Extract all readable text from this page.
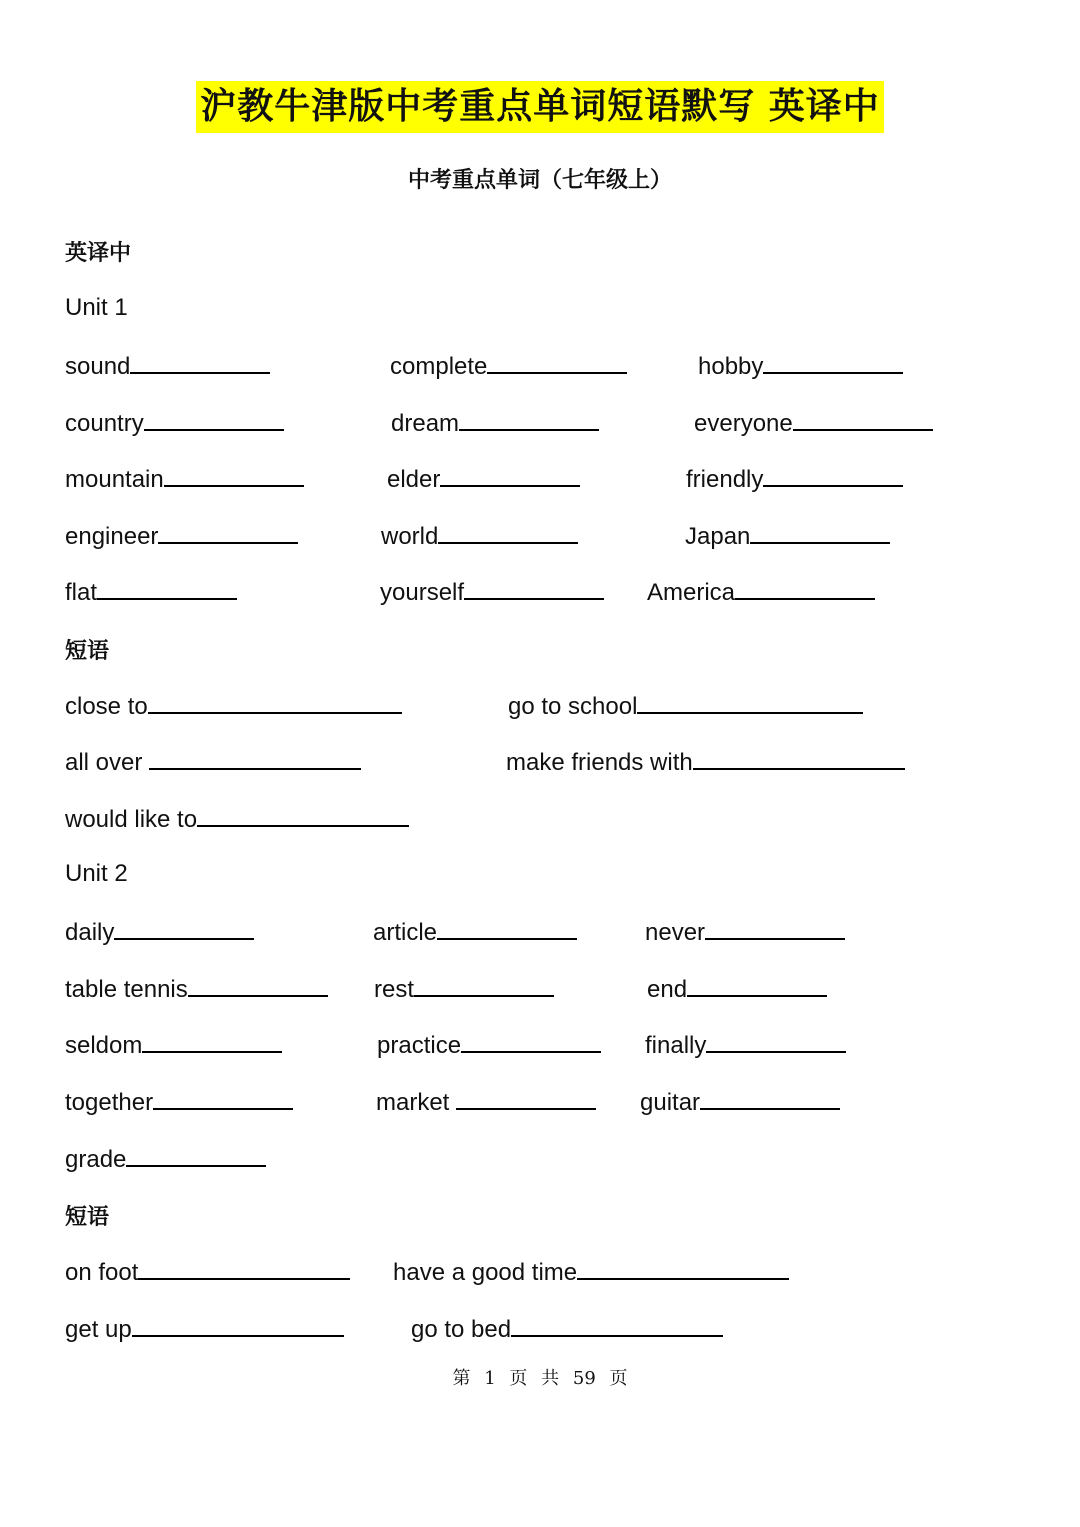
沪教牛津版中考重点单词短语默写 英译中
中考重点单词（七年级上）
英译中
Unit 1
sound	complete	hobby
country	dream	everyone
mountain	elder	friendly
engineer	world	Japan
flat	yourself	America
短语
close to	go to school
all over	make friends with
would like to
Unit 2
daily	article	never
table tennis	rest	end
seldom	practice	finally
together	market	guitar
grade
短语
on foot	have a good time
get up	go to bed
第 1 页 共 59 页
